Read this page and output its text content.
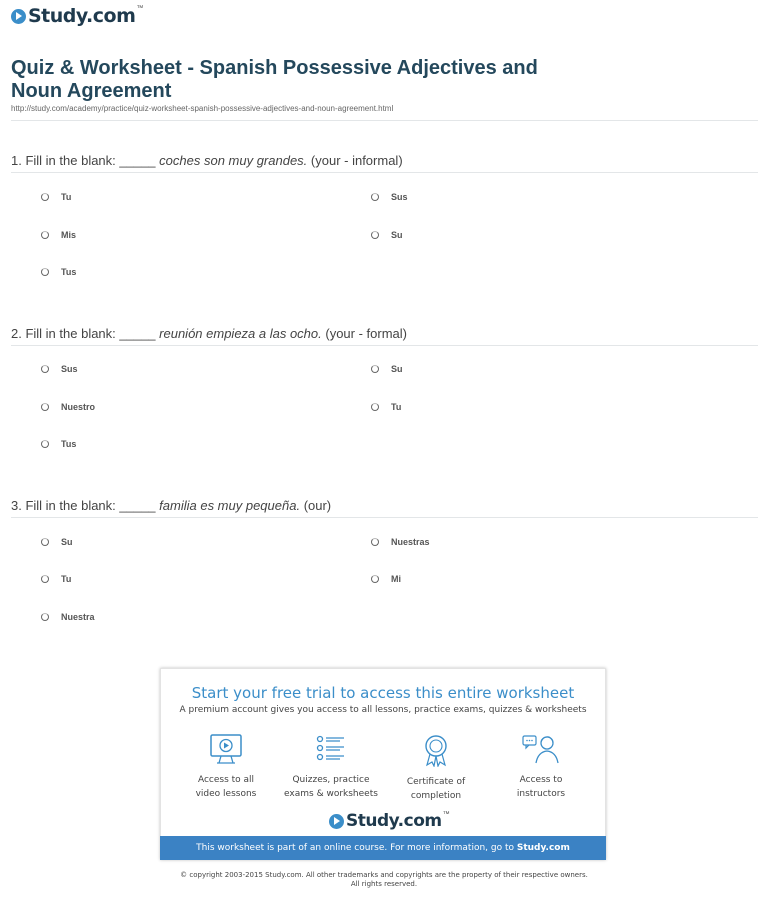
Study.com ™
Quiz & Worksheet - Spanish Possessive Adjectives and Noun Agreement
http://study.com/academy/practice/quiz-worksheet-spanish-possessive-adjectives-and-noun-agreement.html
1. Fill in the blank: _____ coches son muy grandes. (your - informal)
Tu	Sus
Mis	Su
Tus
2. Fill in the blank: _____ reunión empieza a las ocho. (your - formal)
Sus	Su
Nuestro	Tu
Tus
3. Fill in the blank: _____ familia es muy pequeña. (our)
Su	Nuestras
Tu	Mi
Nuestra
Start your free trial to access this entire worksheet
A premium account gives you access to all lessons, practice exams, quizzes & worksheets
Access to all
video lessons
Quizzes, practice
exams & worksheets
Certificate of
completion
Access to
instructors
Study.com ™
This worksheet is part of an online course. For more information, go to Study.com
© copyright 2003-2015 Study.com. All other trademarks and copyrights are the property of their respective owners.
All rights reserved.
